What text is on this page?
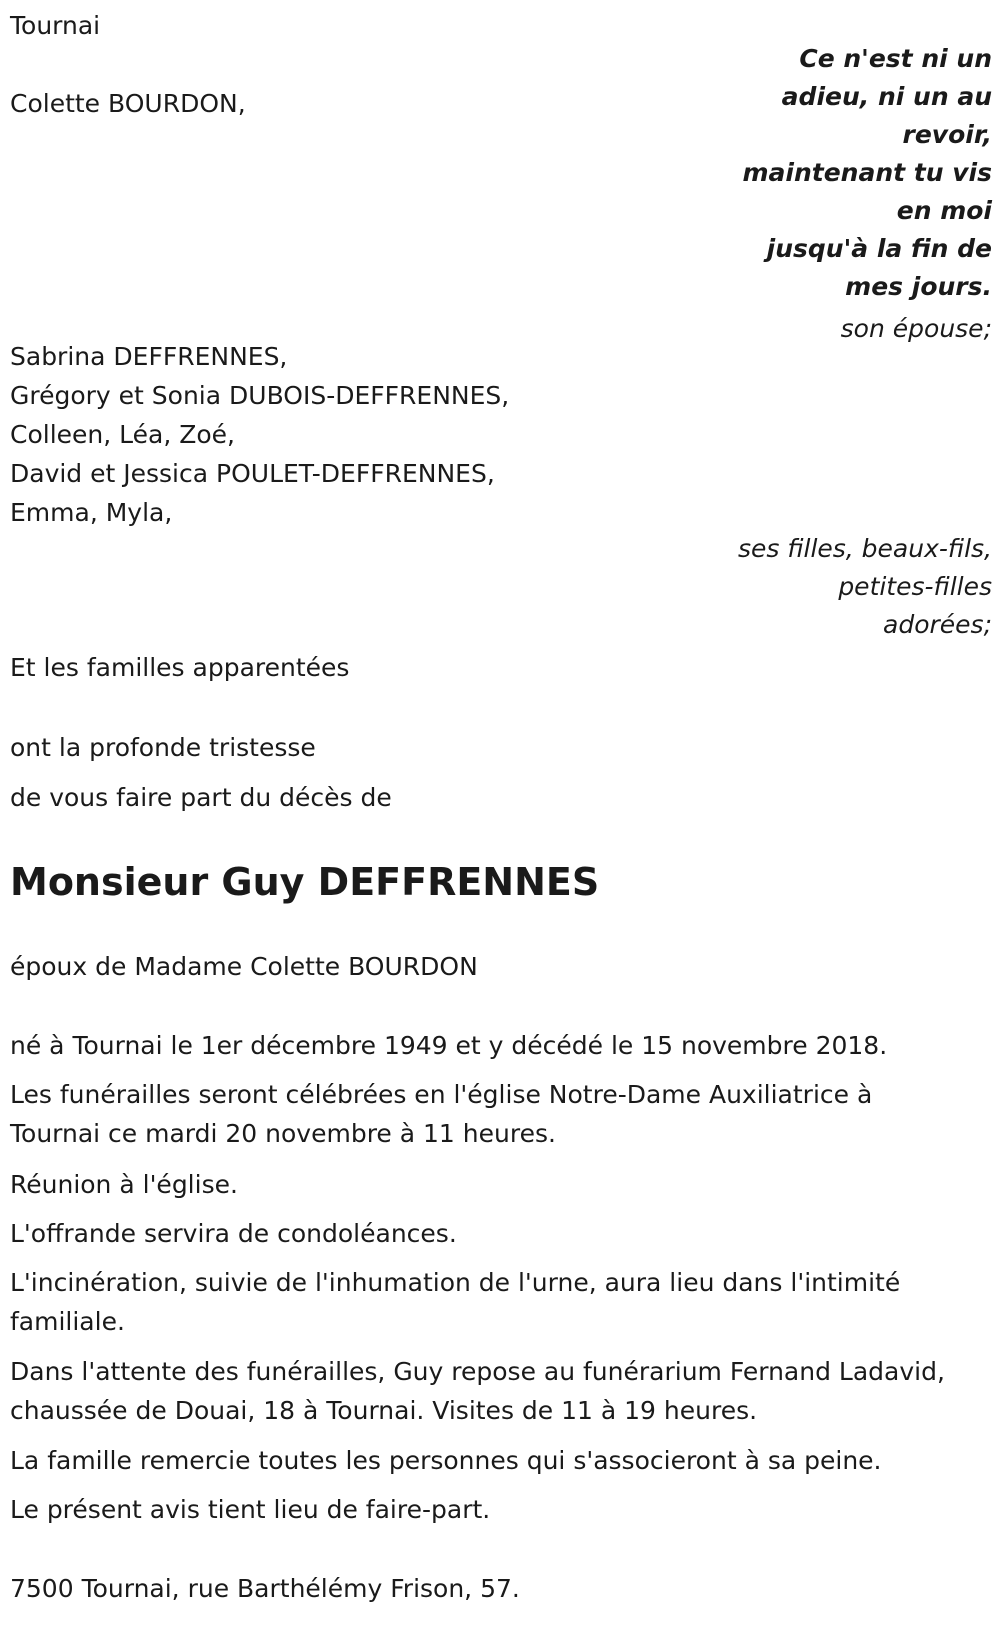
Tournai

Ce n'est ni un
adieu, ni un au
revoir,
maintenant tu vis
en moi
jusqu'à la fin de
mes jours.

Colette BOURDON,

son épouse;

Sabrina DEFFRENNES,
Grégory et Sonia DUBOIS-DEFFRENNES,
Colleen, Léa, Zoé,
David et Jessica POULET-DEFFRENNES,
Emma, Myla,
ses filles, beaux-fils,
petites-filles
adorées;

Et les familles apparentées

ont la profonde tristesse

de vous faire part du décès de

Monsieur Guy DEFFRENNES

époux de Madame Colette BOURDON

né à Tournai le 1er décembre 1949 et y décédé le 15 novembre 2018.

Les funérailles seront célébrées en l'église Notre-Dame Auxiliatrice à Tournai ce mardi 20 novembre à 11 heures.

Réunion à l'église.

L'offrande servira de condoléances.

L'incinération, suivie de l'inhumation de l'urne, aura lieu dans l'intimité familiale.

Dans l'attente des funérailles, Guy repose au funérarium Fernand Ladavid, chaussée de Douai, 18 à Tournai. Visites de 11 à 19 heures.

La famille remercie toutes les personnes qui s'associeront à sa peine.

Le présent avis tient lieu de faire-part.

7500 Tournai, rue Barthélémy Frison, 57.
